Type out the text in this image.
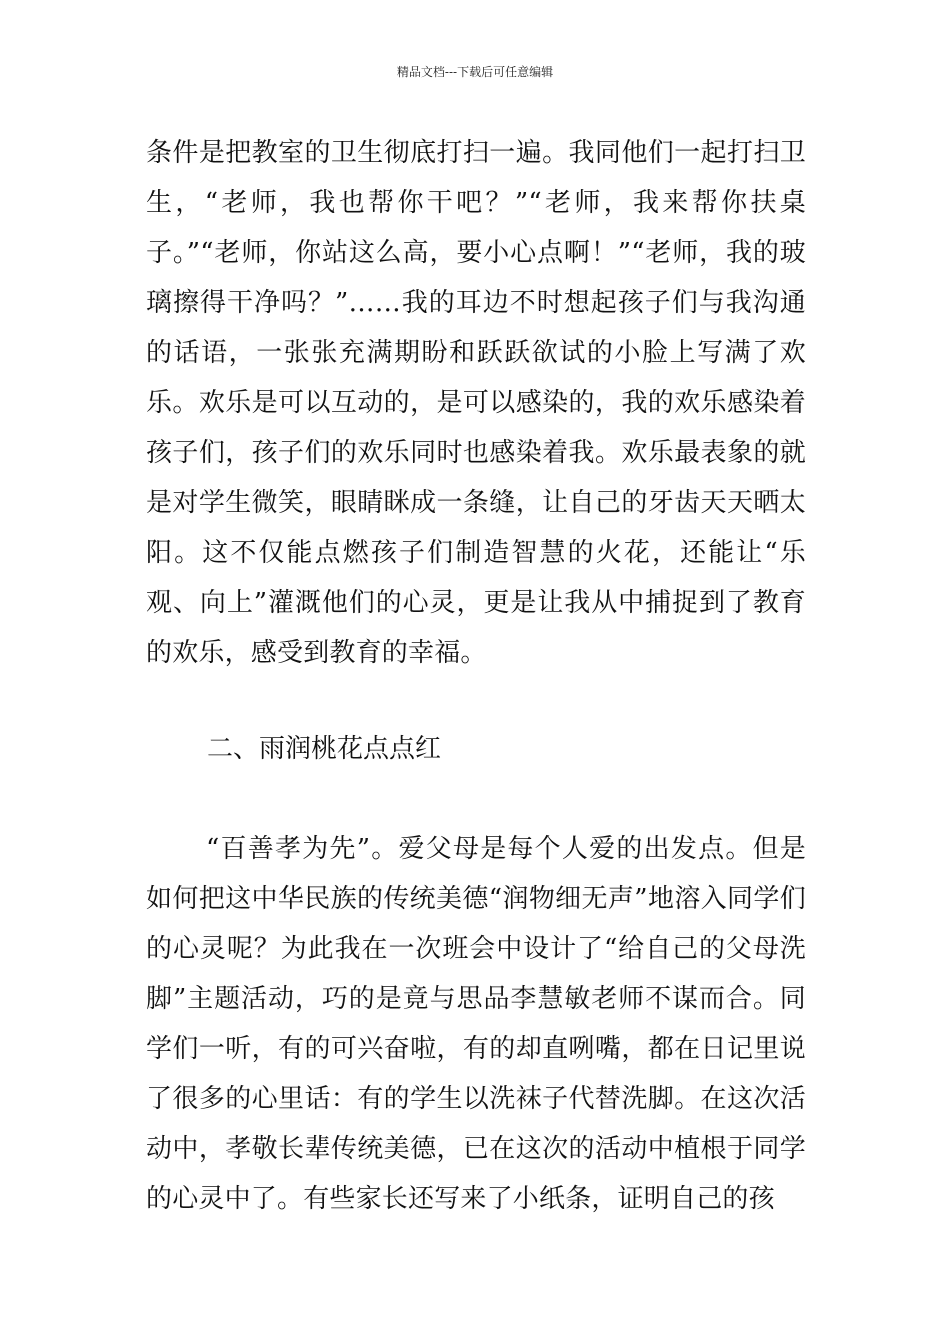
精品文档---下载后可任意编辑

条件是把教室的卫生彻底打扫一遍。我同他们一起打扫卫生，“老师，我也帮你干吧？”“老师，我来帮你扶桌子。”“老师，你站这么高，要小心点啊！”“老师，我的玻璃擦得干净吗？”……我的耳边不时想起孩子们与我沟通的话语，一张张充满期盼和跃跃欲试的小脸上写满了欢乐。欢乐是可以互动的，是可以感染的，我的欢乐感染着孩子们，孩子们的欢乐同时也感染着我。欢乐最表象的就是对学生微笑，眼睛眯成一条缝，让自己的牙齿天天晒太阳。这不仅能点燃孩子们制造智慧的火花，还能让“乐观、向上”灌溉他们的心灵，更是让我从中捕捉到了教育的欢乐，感受到教育的幸福。

二、雨润桃花点点红

“百善孝为先”。爱父母是每个人爱的出发点。但是如何把这中华民族的传统美德“润物细无声”地溶入同学们的心灵呢？为此我在一次班会中设计了“给自己的父母洗脚”主题活动，巧的是竟与思品李慧敏老师不谋而合。同学们一听，有的可兴奋啦，有的却直咧嘴，都在日记里说了很多的心里话：有的学生以洗袜子代替洗脚。在这次活动中，孝敬长辈传统美德，已在这次的活动中植根于同学的心灵中了。有些家长还写来了小纸条，证明自己的孩
